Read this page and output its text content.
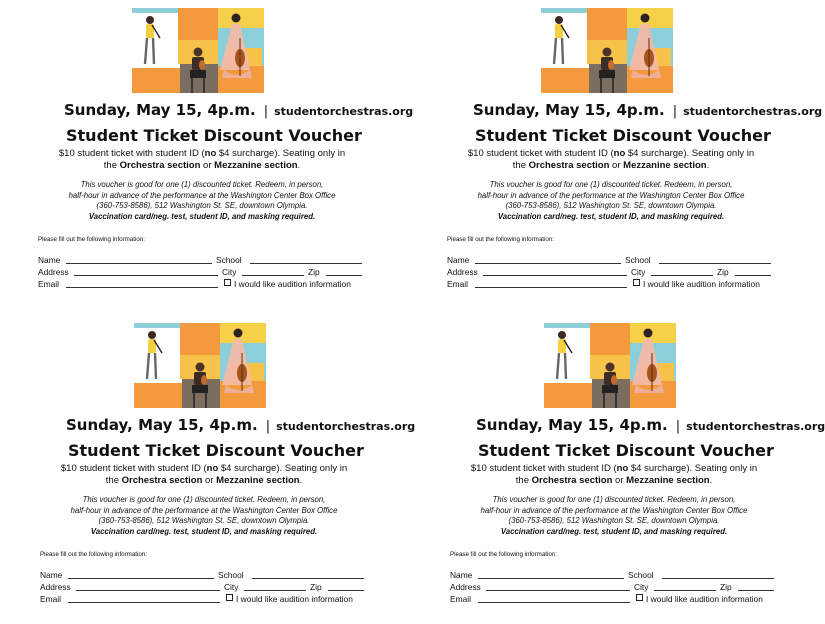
Sunday, May 15, 4p.m. | studentorchestras.org
Student Ticket Discount Voucher
$10 student ticket with student ID (no $4 surcharge). Seating only in
the Orchestra section or Mezzanine section.
This voucher is good for one (1) discounted ticket. Redeem, in person,
half-hour in advance of the performance at the Washington Center Box Office
(360-753-8586), 512 Washington St. SE, downtown Olympia.
Vaccination card/neg. test, student ID, and masking required.
Please fill out the following information:
Name	School
Address	City	Zip
Email	I would like audition information
Sunday, May 15, 4p.m. | studentorchestras.org
Student Ticket Discount Voucher
$10 student ticket with student ID (no $4 surcharge). Seating only in
the Orchestra section or Mezzanine section.
This voucher is good for one (1) discounted ticket. Redeem, in person,
half-hour in advance of the performance at the Washington Center Box Office
(360-753-8586), 512 Washington St. SE, downtown Olympia.
Vaccination card/neg. test, student ID, and masking required.
Please fill out the following information:
Name	School
Address	City	Zip
Email	I would like audition information
Sunday, May 15, 4p.m. | studentorchestras.org
Student Ticket Discount Voucher
$10 student ticket with student ID (no $4 surcharge). Seating only in
the Orchestra section or Mezzanine section.
This voucher is good for one (1) discounted ticket. Redeem, in person,
half-hour in advance of the performance at the Washington Center Box Office
(360-753-8586), 512 Washington St. SE, downtown Olympia.
Vaccination card/neg. test, student ID, and masking required.
Please fill out the following information:
Name	School
Address	City	Zip
Email	I would like audition information
Sunday, May 15, 4p.m. | studentorchestras.org
Student Ticket Discount Voucher
$10 student ticket with student ID (no $4 surcharge). Seating only in
the Orchestra section or Mezzanine section.
This voucher is good for one (1) discounted ticket. Redeem, in person,
half-hour in advance of the performance at the Washington Center Box Office
(360-753-8586), 512 Washington St. SE, downtown Olympia.
Vaccination card/neg. test, student ID, and masking required.
Please fill out the following information:
Name	School
Address	City	Zip
Email	I would like audition information
